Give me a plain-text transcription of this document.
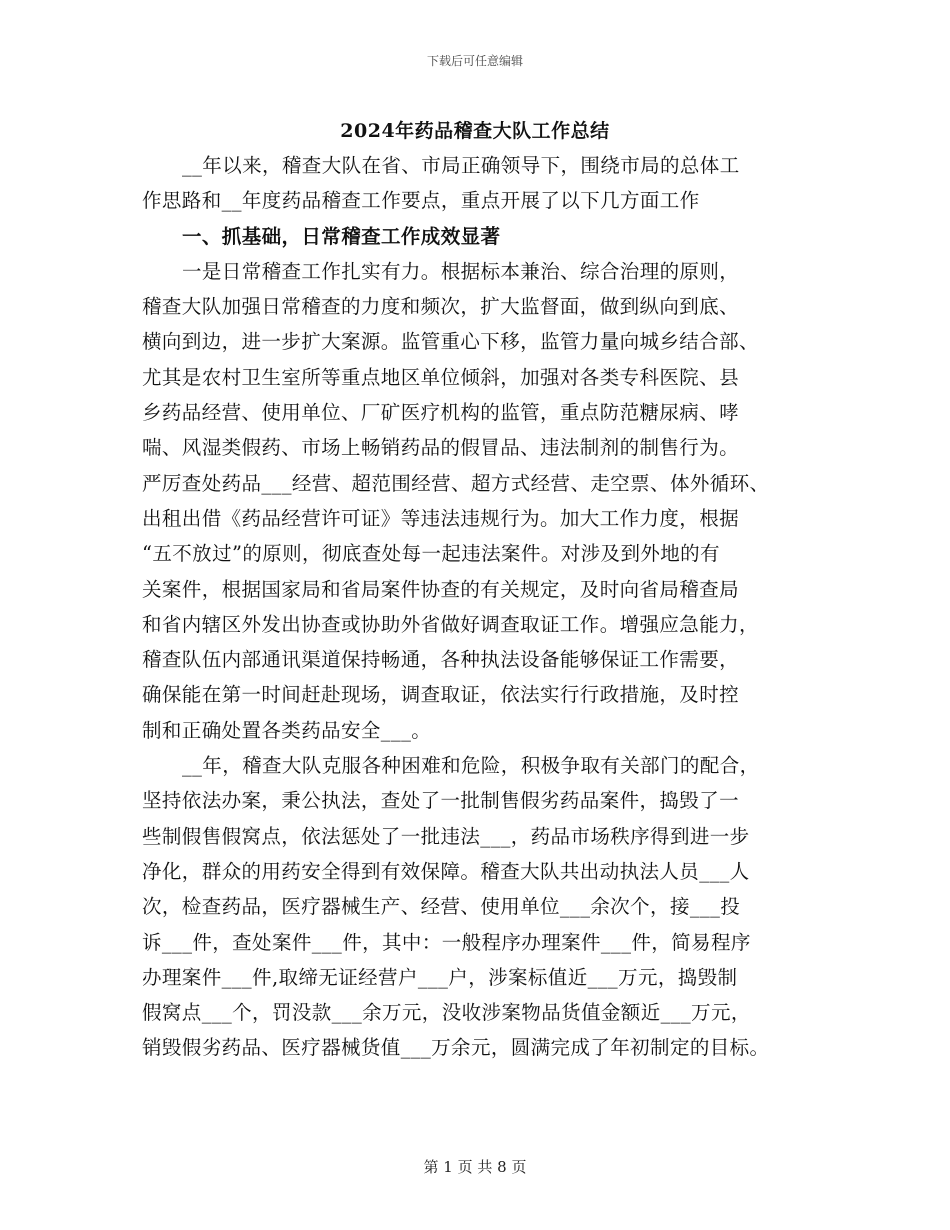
下载后可任意编辑
2024年药品稽查大队工作总结
__年以来，稽查大队在省、市局正确领导下，围绕市局的总体工
作思路和__年度药品稽查工作要点，重点开展了以下几方面工作
一、抓基础，日常稽查工作成效显著
一是日常稽查工作扎实有力。根据标本兼治、综合治理的原则，
稽查大队加强日常稽查的力度和频次，扩大监督面，做到纵向到底、
横向到边，进一步扩大案源。监管重心下移，监管力量向城乡结合部、
尤其是农村卫生室所等重点地区单位倾斜，加强对各类专科医院、县
乡药品经营、使用单位、厂矿医疗机构的监管，重点防范糖尿病、哮
喘、风湿类假药、市场上畅销药品的假冒品、违法制剂的制售行为。
严厉查处药品___经营、超范围经营、超方式经营、走空票、体外循环、
出租出借《药品经营许可证》等违法违规行为。加大工作力度，根据
“五不放过”的原则，彻底查处每一起违法案件。对涉及到外地的有
关案件，根据国家局和省局案件协查的有关规定，及时向省局稽查局
和省内辖区外发出协查或协助外省做好调查取证工作。增强应急能力，
稽查队伍内部通讯渠道保持畅通，各种执法设备能够保证工作需要，
确保能在第一时间赶赴现场，调查取证，依法实行行政措施，及时控
制和正确处置各类药品安全___。
__年，稽查大队克服各种困难和危险，积极争取有关部门的配合，
坚持依法办案，秉公执法，查处了一批制售假劣药品案件，捣毁了一
些制假售假窝点，依法惩处了一批违法___，药品市场秩序得到进一步
净化，群众的用药安全得到有效保障。稽查大队共出动执法人员___人
次，检查药品，医疗器械生产、经营、使用单位___余次个，接___投
诉___件，查处案件___件，其中：一般程序办理案件___件，简易程序
办理案件___件,取缔无证经营户___户，涉案标值近___万元，捣毁制
假窝点___个，罚没款___余万元，没收涉案物品货值金额近___万元，
销毁假劣药品、医疗器械货值___万余元，圆满完成了年初制定的目标。
第 1 页 共 8 页
